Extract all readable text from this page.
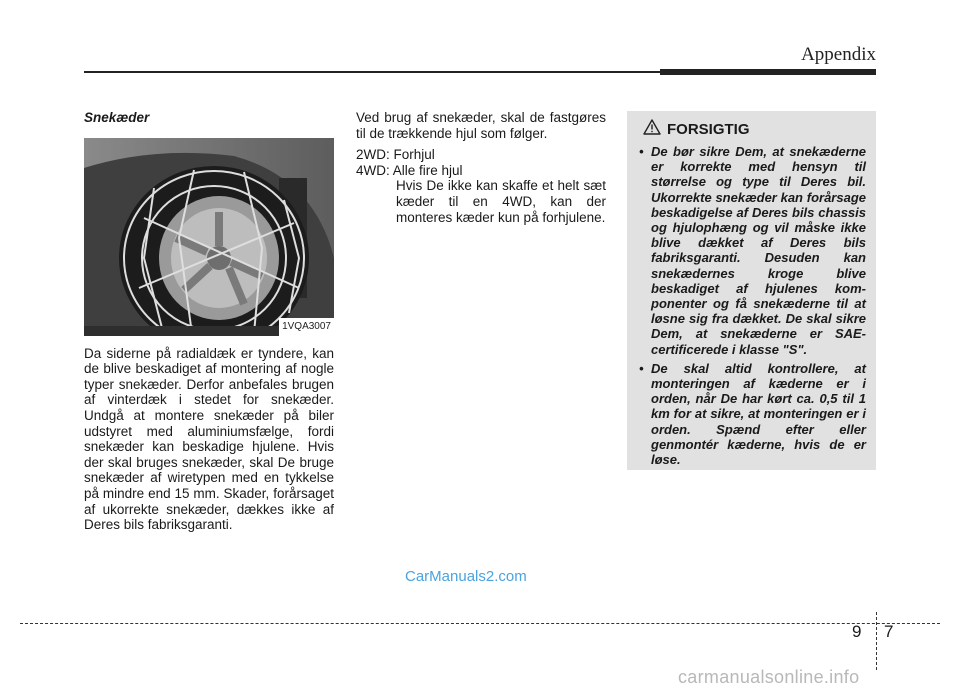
Appendix
Snekæder
1VQA3007
Da siderne på radialdæk er tyndere, kan de blive beskadiget af montering af nogle typer snekæder. Derfor anbefales brugen af vinterdæk i stedet for snekæder. Undgå at montere snekæder på biler udstyret med aluminiumsfælge, fordi snekæder kan beskadige hjulene. Hvis der skal bruges snekæder, skal De bruge snekæder af wiretypen med en tykkelse på mindre end 15 mm. Skader, forårsaget af ukorrekte snekæder, dækkes ikke af Deres bils fabriksgaranti.
Ved brug af snekæder, skal de fastgøres til de trækkende hjul som følger.
2WD: Forhjul
4WD: Alle fire hjul
Hvis De ikke kan skaffe et helt sæt kæder til en 4WD, kan der monteres kæder kun på forhjulene.
FORSIGTIG
• De bør sikre Dem, at snekæderne er korrekte med hensyn til størrelse og type til Deres bil. Ukorrekte snekæder kan forårsage beskadigelse af Deres bils chassis og hjulophæng og vil måske ikke blive dækket af Deres bils fabriksgaranti. Desuden kan snekædernes kroge blive beskadiget af hjulenes kom-ponenter og få snekæderne til at løsne sig fra dækket. De skal sikre Dem, at snekæderne er SAE-certificerede i klasse "S".
• De skal altid kontrollere, at monteringen af kæderne er i orden, når De har kørt ca. 0,5 til 1 km for at sikre, at monteringen er i orden. Spænd efter eller genmontér kæderne, hvis de er løse.
CarManuals2.com
9 7
carmanualsonline.info
